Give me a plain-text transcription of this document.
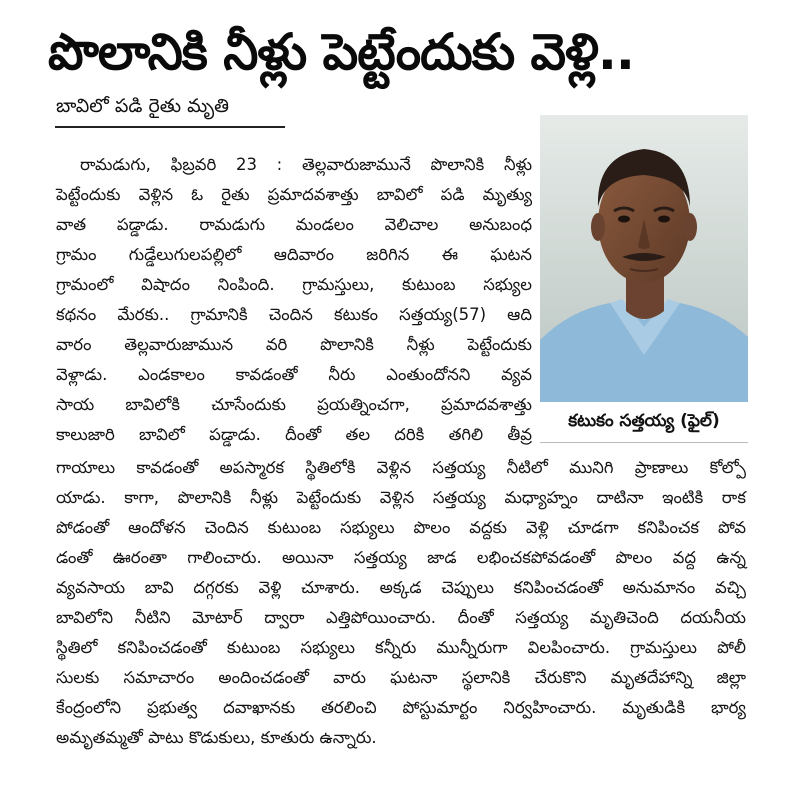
పొలానికి నీళ్లు పెట్టేందుకు వెళ్లి..
బావిలో పడి రైతు మృతి
కటుకం సత్తయ్య (ఫైల్)
రామడుగు, ఫిబ్రవరి 23 : తెల్లవారుజామునే పొలానికి నీళ్లు
పెట్టేందుకు వెళ్లిన ఓ రైతు ప్రమాదవశాత్తు బావిలో పడి మృత్యు
వాత పడ్డాడు. రామడుగు మండలం వెలిచాల అనుబంధ
గ్రామం గుడ్డేలుగులపల్లిలో ఆదివారం జరిగిన ఈ ఘటన
గ్రామంలో విషాదం నింపింది. గ్రామస్తులు, కుటుంబ సభ్యుల
కథనం మేరకు.. గ్రామానికి చెందిన కటుకం సత్తయ్య(57) ఆది
వారం తెల్లవారుజామున వరి పొలానికి నీళ్లు పెట్టేందుకు
వెళ్లాడు. ఎండకాలం కావడంతో నీరు ఎంతుందోనని వ్యవ
సాయ బావిలోకి చూసేందుకు ప్రయత్నించగా, ప్రమాదవశాత్తు
కాలుజారి బావిలో పడ్డాడు. దీంతో తల దరికి తగిలి తీవ్ర
గాయాలు కావడంతో అపస్మారక స్థితిలోకి వెళ్లిన సత్తయ్య నీటిలో మునిగి ప్రాణాలు కోల్పో
యాడు. కాగా, పొలానికి నీళ్లు పెట్టేందుకు వెళ్లిన సత్తయ్య మధ్యాహ్నం దాటినా ఇంటికి రాక
పోడంతో ఆందోళన చెందిన కుటుంబ సభ్యులు పొలం వద్దకు వెళ్లి చూడగా కనిపించక పోవ
డంతో ఊరంతా గాలించారు. అయినా సత్తయ్య జాడ లభించకపోవడంతో పొలం వద్ద ఉన్న
వ్యవసాయ బావి దగ్గరకు వెళ్లి చూశారు. అక్కడ చెప్పులు కనిపించడంతో అనుమానం వచ్చి
బావిలోని నీటిని మోటార్ ద్వారా ఎత్తిపోయించారు. దీంతో సత్తయ్య మృతిచెంది దయనీయ
స్థితిలో కనిపించడంతో కుటుంబ సభ్యులు కన్నీరు మున్నీరుగా విలపించారు. గ్రామస్తులు పోలీ
సులకు సమాచారం అందించడంతో వారు ఘటనా స్థలానికి చేరుకొని మృతదేహాన్ని జిల్లా
కేంద్రంలోని ప్రభుత్వ దవాఖానకు తరలించి పోస్టుమార్టం నిర్వహించారు. మృతుడికి భార్య
అమృతమ్మతో పాటు కొడుకులు, కూతురు ఉన్నారు.
